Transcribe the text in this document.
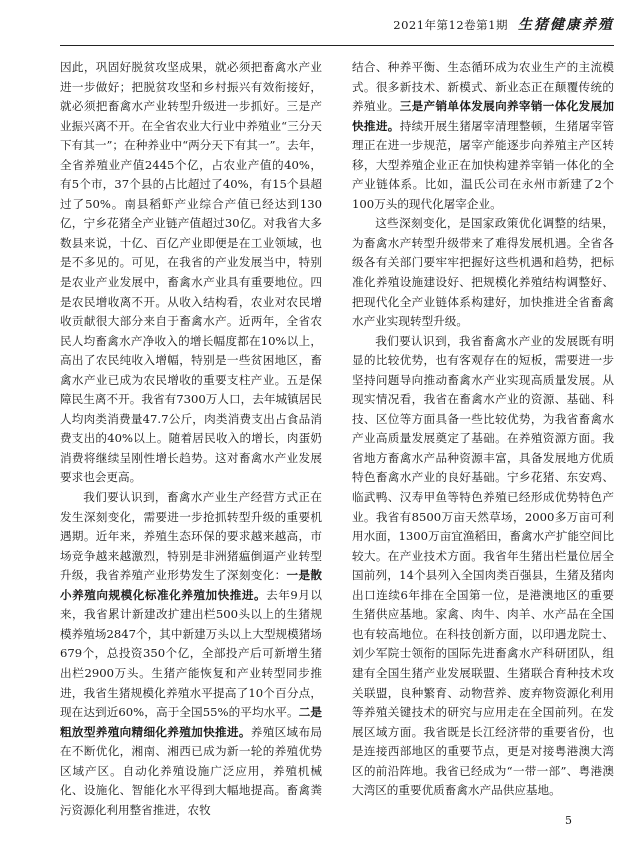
2021年第12卷第1期 生猪健康养殖

因此，巩固好脱贫攻坚成果，就必须把畜禽水产业进一步做好；把脱贫攻坚和乡村振兴有效衔接好，就必须把畜禽水产业转型升级进一步抓好。三是产业振兴离不开。在全省农业大行业中养殖业“三分天下有其一”；在种养业中“两分天下有其一”。去年，全省养殖业产值2445个亿，占农业产值的40%，有5个市，37个县的占比超过了40%，有15个县超过了50%。南县稻虾产业综合产值已经达到130亿，宁乡花猪全产业链产值超过30亿。对我省大多数县来说，十亿、百亿产业即便是在工业领域，也是不多见的。可见，在我省的产业发展当中，特别是农业产业发展中，畜禽水产业具有重要地位。四是农民增收离不开。从收入结构看，农业对农民增收贡献很大部分来自于畜禽水产。近两年，全省农民人均畜禽水产净收入的增长幅度都在10%以上，高出了农民纯收入增幅，特别是一些贫困地区，畜禽水产业已成为农民增收的重要支柱产业。五是保障民生离不开。我省有7300万人口，去年城镇居民人均肉类消费量47.7公斤，肉类消费支出占食品消费支出的40%以上。随着居民收入的增长，肉蛋奶消费将继续呈刚性增长趋势。这对畜禽水产业发展要求也会更高。

我们要认识到，畜禽水产业生产经营方式正在发生深刻变化，需要进一步抢抓转型升级的重要机遇期。近年来，养殖生态环保的要求越来越高，市场竞争越来越激烈，特别是非洲猪瘟倒逼产业转型升级，我省养殖产业形势发生了深刻变化：一是散小养殖向规模化标准化养殖加快推进。去年9月以来，我省累计新建改扩建出栏500头以上的生猪规模养殖场2847个，其中新建万头以上大型规模猪场679个，总投资350个亿，全部投产后可新增生猪出栏2900万头。生猪产能恢复和产业转型同步推进，我省生猪规模化养殖水平提高了10个百分点，现在达到近60%，高于全国55%的平均水平。二是粗放型养殖向精细化养殖加快推进。养殖区域布局在不断优化，湘南、湘西已成为新一轮的养殖优势区域产区。自动化养殖设施广泛应用，养殖机械化、设施化、智能化水平得到大幅地提高。畜禽粪污资源化利用整省推进，农牧

结合、种养平衡、生态循环成为农业生产的主流模式。很多新技术、新模式、新业态正在颠覆传统的养殖业。三是产销单体发展向养宰销一体化发展加快推进。持续开展生猪屠宰清理整顿，生猪屠宰管理正在进一步规范，屠宰产能逐步向养殖主产区转移，大型养殖企业正在加快构建养宰销一体化的全产业链体系。比如，温氏公司在永州市新建了2个100万头的现代化屠宰企业。

这些深刻变化，是国家政策优化调整的结果，为畜禽水产转型升级带来了难得发展机遇。全省各级各有关部门要牢牢把握好这些机遇和趋势，把标准化养殖设施建设好、把规模化养殖结构调整好、把现代化全产业链体系构建好，加快推进全省畜禽水产业实现转型升级。

我们要认识到，我省畜禽水产业的发展既有明显的比较优势，也有客观存在的短板，需要进一步坚持问题导向推动畜禽水产业实现高质量发展。从现实情况看，我省在畜禽水产业的资源、基础、科技、区位等方面具备一些比较优势，为我省畜禽水产业高质量发展奠定了基础。在养殖资源方面。我省地方畜禽水产品种资源丰富，具备发展地方优质特色畜禽水产业的良好基础。宁乡花猪、东安鸡、临武鸭、汉寿甲鱼等特色养殖已经形成优势特色产业。我省有8500万亩天然草场，2000多万亩可利用水面，1300万亩宜渔稻田，畜禽水产扩能空间比较大。在产业技术方面。我省年生猪出栏量位居全国前列，14个县列入全国肉类百强县，生猪及猪肉出口连续6年排在全国第一位，是港澳地区的重要生猪供应基地。家禽、肉牛、肉羊、水产品在全国也有较高地位。在科技创新方面，以印遇龙院士、刘少军院士领衔的国际先进畜禽水产科研团队，组建有全国生猪产业发展联盟、生猪联合育种技术攻关联盟，良种繁育、动物营养、废弃物资源化利用等养殖关键技术的研究与应用走在全国前列。在发展区域方面。我省既是长江经济带的重要省份，也是连接西部地区的重要节点，更是对接粤港澳大湾区的前沿阵地。我省已经成为“一带一部”、粤港澳大湾区的重要优质畜禽水产品供应基地。

5
